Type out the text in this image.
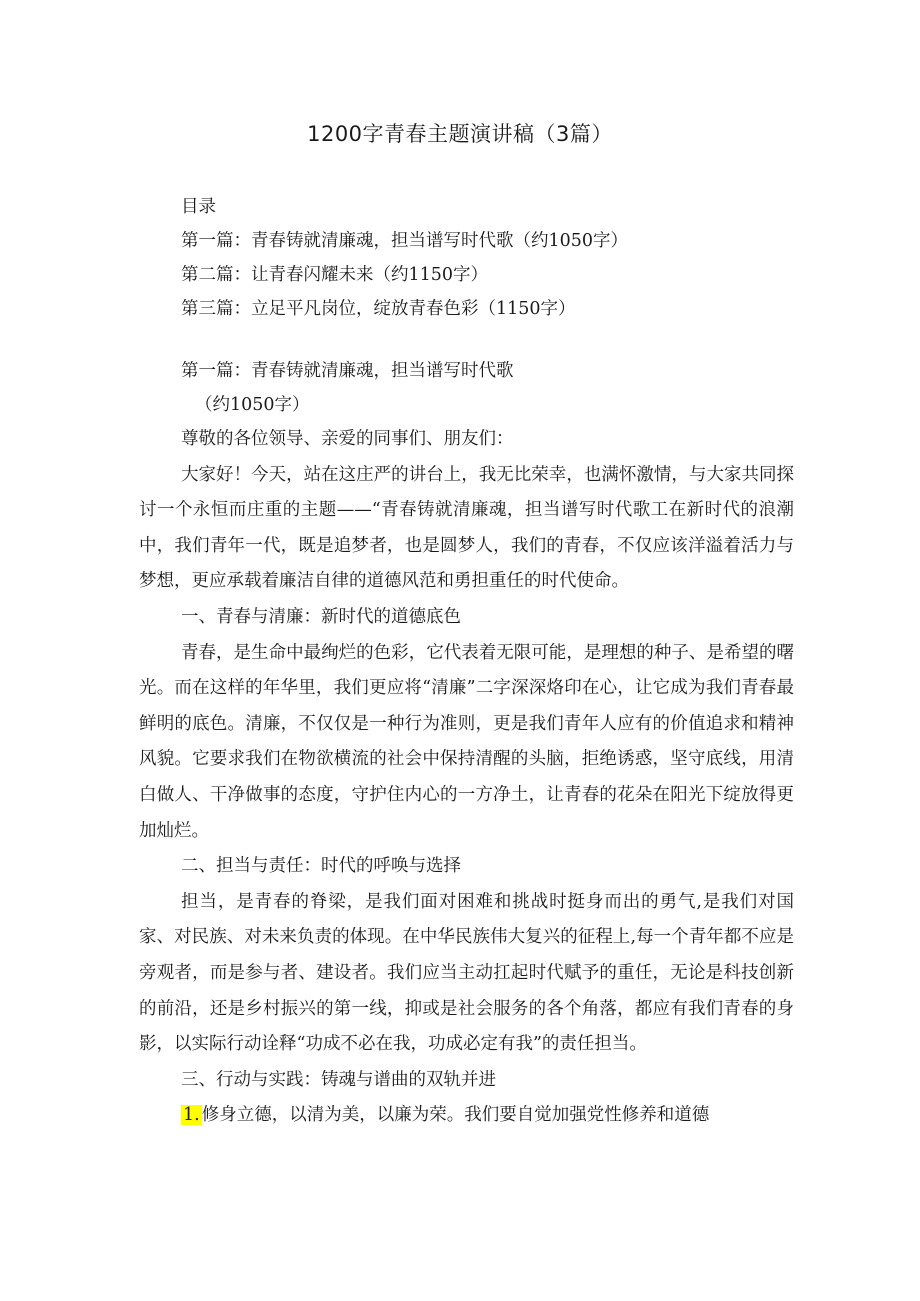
1200字青春主题演讲稿（3篇）
目录
第一篇：青春铸就清廉魂，担当谱写时代歌（约1050字）
第二篇：让青春闪耀未来（约1150字）
第三篇：立足平凡岗位，绽放青春色彩（1150字）
第一篇：青春铸就清廉魂，担当谱写时代歌
（约1050字）

尊敬的各位领导、亲爱的同事们、朋友们：

大家好！今天，站在这庄严的讲台上，我无比荣幸，也满怀激情，与大家共同探讨一个永恒而庄重的主题——“青春铸就清廉魂，担当谱写时代歌工在新时代的浪潮中，我们青年一代，既是追梦者，也是圆梦人，我们的青春，不仅应该洋溢着活力与梦想，更应承载着廉洁自律的道德风范和勇担重任的时代使命。

一、青春与清廉：新时代的道德底色

青春，是生命中最绚烂的色彩，它代表着无限可能，是理想的种子、是希望的曙光。而在这样的年华里，我们更应将“清廉”二字深深烙印在心，让它成为我们青春最鲜明的底色。清廉，不仅仅是一种行为准则，更是我们青年人应有的价值追求和精神风貌。它要求我们在物欲横流的社会中保持清醒的头脑，拒绝诱惑，坚守底线，用清白做人、干净做事的态度，守护住内心的一方净土，让青春的花朵在阳光下绽放得更加灿烂。

二、担当与责任：时代的呼唤与选择

担当，是青春的脊梁，是我们面对困难和挑战时挺身而出的勇气,是我们对国家、对民族、对未来负责的体现。在中华民族伟大复兴的征程上,每一个青年都不应是旁观者，而是参与者、建设者。我们应当主动扛起时代赋予的重任，无论是科技创新的前沿，还是乡村振兴的第一线，抑或是社会服务的各个角落，都应有我们青春的身影，以实际行动诠释“功成不必在我，功成必定有我”的责任担当。

三、行动与实践：铸魂与谱曲的双轨并进

1. 修身立德，以清为美，以廉为荣。我们要自觉加强党性修养和道德
